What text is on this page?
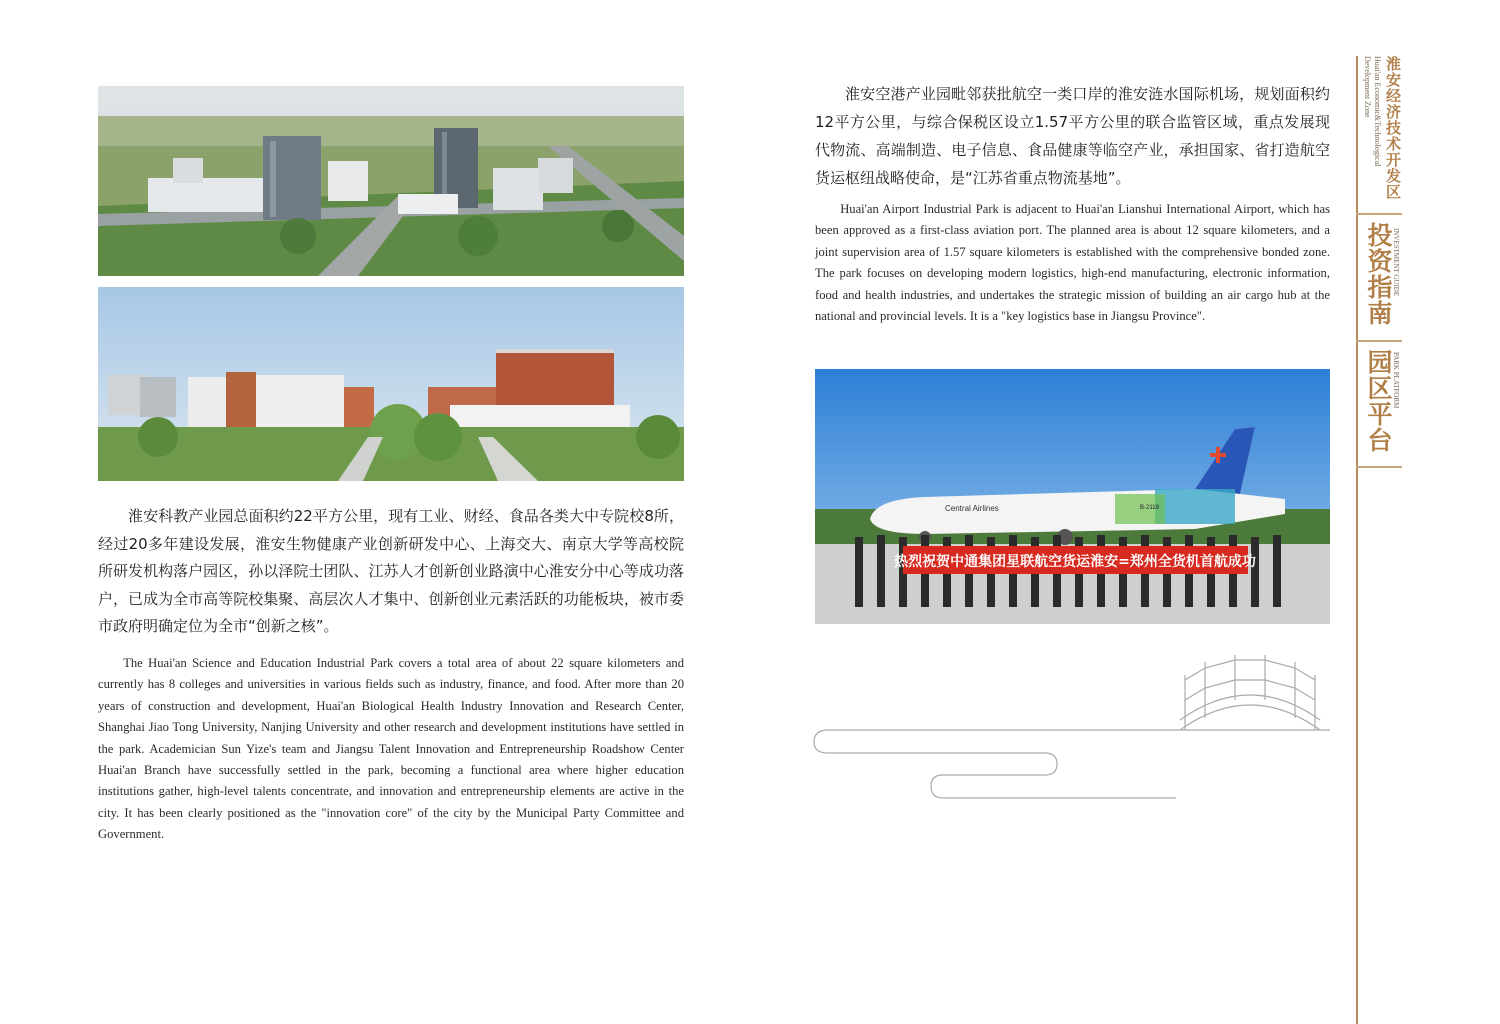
淮安科教产业园总面积约22平方公里，现有工业、财经、食品各类大中专院校8所，经过20多年建设发展，淮安生物健康产业创新研发中心、上海交大、南京大学等高校院所研发机构落户园区，孙以泽院士团队、江苏人才创新创业路演中心淮安分中心等成功落户，已成为全市高等院校集聚、高层次人才集中、创新创业元素活跃的功能板块，被市委市政府明确定位为全市“创新之核”。

The Huai'an Science and Education Industrial Park covers a total area of about 22 square kilometers and currently has 8 colleges and universities in various fields such as industry, finance, and food. After more than 20 years of construction and development, Huai'an Biological Health Industry Innovation and Research Center, Shanghai Jiao Tong University, Nanjing University and other research and development institutions have settled in the park. Academician Sun Yize's team and Jiangsu Talent Innovation and Entrepreneurship Roadshow Center Huai'an Branch have successfully settled in the park, becoming a functional area where higher education institutions gather, high-level talents concentrate, and innovation and entrepreneurship elements are active in the city. It has been clearly positioned as the "innovation core" of the city by the Municipal Party Committee and Government.

淮安空港产业园毗邻获批航空一类口岸的淮安涟水国际机场，规划面积约12平方公里，与综合保税区设立1.57平方公里的联合监管区域，重点发展现代物流、高端制造、电子信息、食品健康等临空产业，承担国家、省打造航空货运枢纽战略使命，是“江苏省重点物流基地”。

Huai'an Airport Industrial Park is adjacent to Huai'an Lianshui International Airport, which has been approved as a first-class aviation port. The planned area is about 12 square kilometers, and a joint supervision area of 1.57 square kilometers is established with the comprehensive bonded zone. The park focuses on developing modern logistics, high-end manufacturing, electronic information, food and health industries, and undertakes the strategic mission of building an air cargo hub at the national and provincial levels. It is a "key logistics base in Jiangsu Province".

Central Airlines	B-2119
热烈祝贺中通集团星联航空货运淮安=郑州全货机首航成功
淮安经济技术开发区
Huai'an Economic&Technological
Development Zone
投资指南 INVESTMENT GUIDE
园区平台 PARK PLATFORM
